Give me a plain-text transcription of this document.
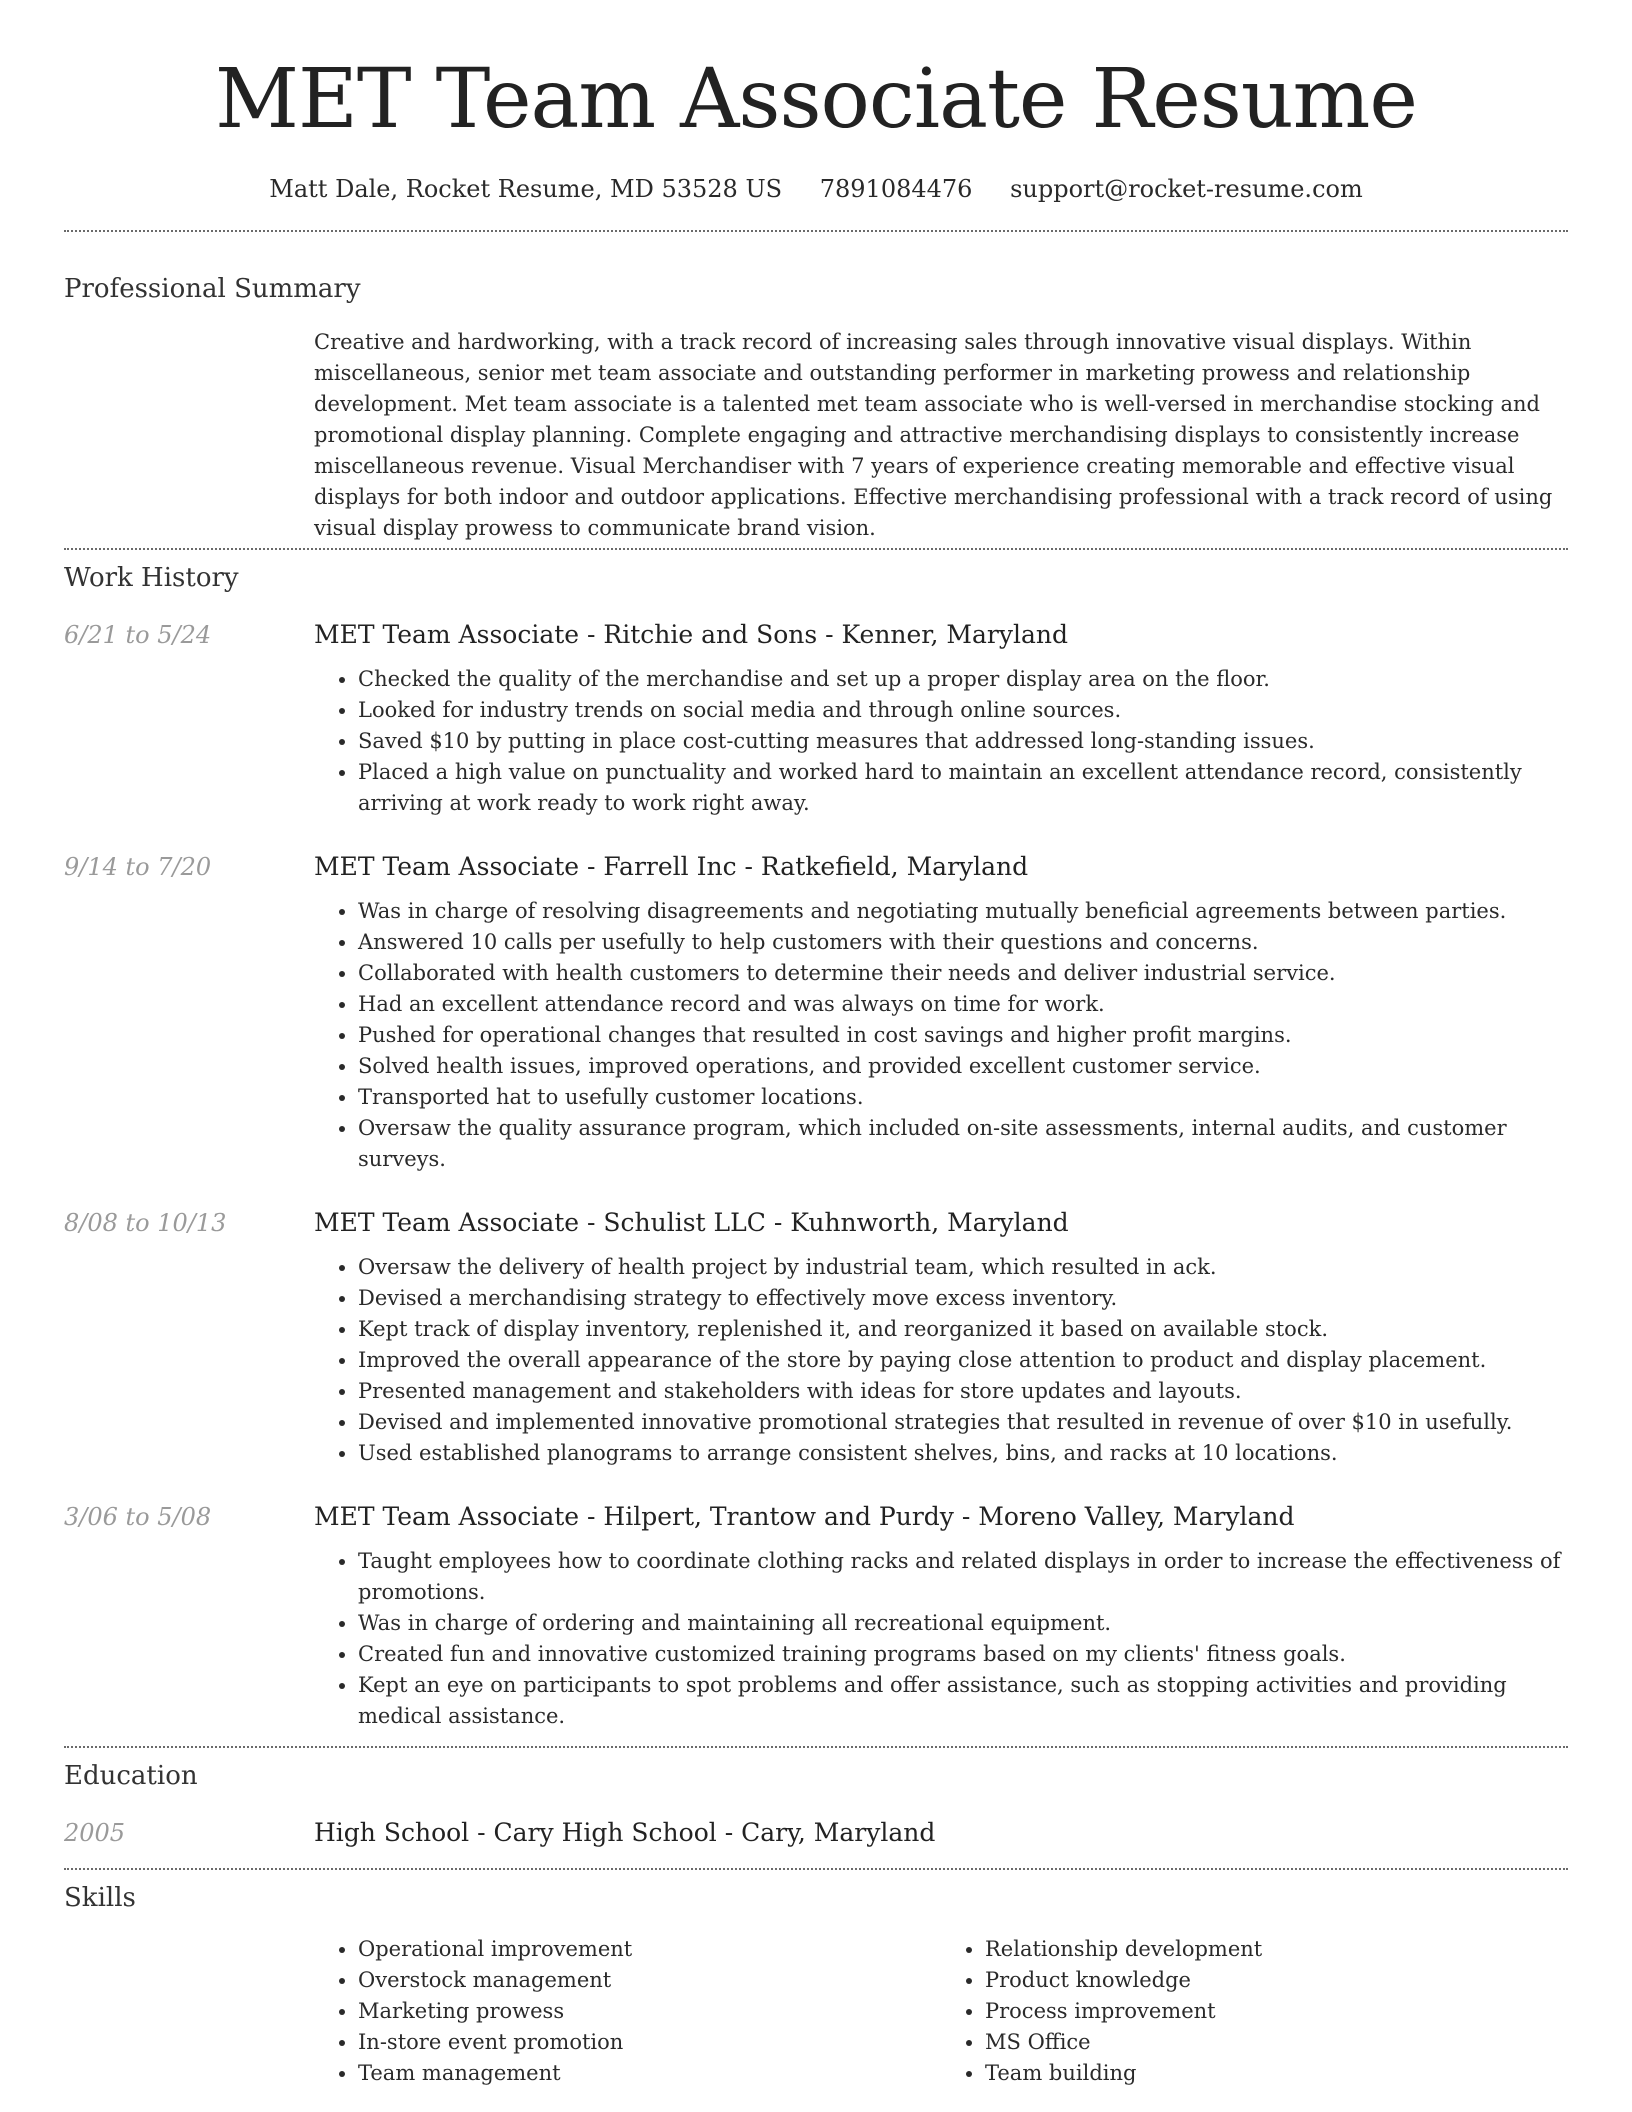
MET Team Associate Resume
Matt Dale, Rocket Resume, MD 53528 US 7891084476 support@rocket-resume.com
Professional Summary
Creative and hardworking, with a track record of increasing sales through innovative visual displays. Within miscellaneous, senior met team associate and outstanding performer in marketing prowess and relationship development. Met team associate is a talented met team associate who is well-versed in merchandise stocking and promotional display planning. Complete engaging and attractive merchandising displays to consistently increase miscellaneous revenue. Visual Merchandiser with 7 years of experience creating memorable and effective visual displays for both indoor and outdoor applications. Effective merchandising professional with a track record of using visual display prowess to communicate brand vision.
Work History
6/21 to 5/24	MET Team Associate - Ritchie and Sons - Kenner, Maryland
• Checked the quality of the merchandise and set up a proper display area on the floor.
• Looked for industry trends on social media and through online sources.
• Saved $10 by putting in place cost-cutting measures that addressed long-standing issues.
• Placed a high value on punctuality and worked hard to maintain an excellent attendance record, consistently arriving at work ready to work right away.
9/14 to 7/20	MET Team Associate - Farrell Inc - Ratkefield, Maryland
• Was in charge of resolving disagreements and negotiating mutually beneficial agreements between parties.
• Answered 10 calls per usefully to help customers with their questions and concerns.
• Collaborated with health customers to determine their needs and deliver industrial service.
• Had an excellent attendance record and was always on time for work.
• Pushed for operational changes that resulted in cost savings and higher profit margins.
• Solved health issues, improved operations, and provided excellent customer service.
• Transported hat to usefully customer locations.
• Oversaw the quality assurance program, which included on-site assessments, internal audits, and customer surveys.
8/08 to 10/13	MET Team Associate - Schulist LLC - Kuhnworth, Maryland
• Oversaw the delivery of health project by industrial team, which resulted in ack.
• Devised a merchandising strategy to effectively move excess inventory.
• Kept track of display inventory, replenished it, and reorganized it based on available stock.
• Improved the overall appearance of the store by paying close attention to product and display placement.
• Presented management and stakeholders with ideas for store updates and layouts.
• Devised and implemented innovative promotional strategies that resulted in revenue of over $10 in usefully.
• Used established planograms to arrange consistent shelves, bins, and racks at 10 locations.
3/06 to 5/08	MET Team Associate - Hilpert, Trantow and Purdy - Moreno Valley, Maryland
• Taught employees how to coordinate clothing racks and related displays in order to increase the effectiveness of promotions.
• Was in charge of ordering and maintaining all recreational equipment.
• Created fun and innovative customized training programs based on my clients' fitness goals.
• Kept an eye on participants to spot problems and offer assistance, such as stopping activities and providing medical assistance.
Education
2005	High School - Cary High School - Cary, Maryland
Skills
• Operational improvement
• Overstock management
• Marketing prowess
• In-store event promotion
• Team management
• Relationship development
• Product knowledge
• Process improvement
• MS Office
• Team building
